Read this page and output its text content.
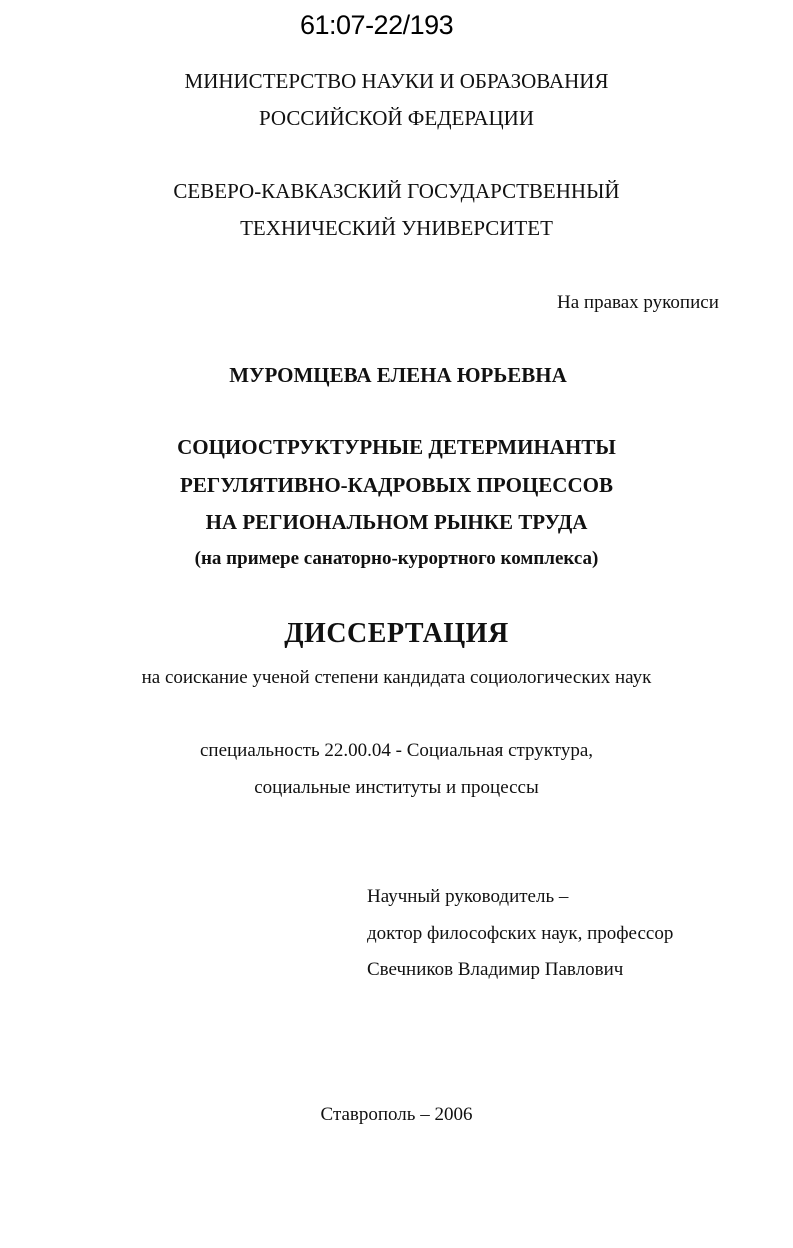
61:07-22/193
МИНИСТЕРСТВО НАУКИ И ОБРАЗОВАНИЯ
РОССИЙСКОЙ ФЕДЕРАЦИИ
СЕВЕРО-КАВКАЗСКИЙ ГОСУДАРСТВЕННЫЙ
ТЕХНИЧЕСКИЙ УНИВЕРСИТЕТ
На правах рукописи
МУРОМЦЕВА ЕЛЕНА ЮРЬЕВНА
СОЦИОСТРУКТУРНЫЕ ДЕТЕРМИНАНТЫ
РЕГУЛЯТИВНО-КАДРОВЫХ ПРОЦЕССОВ
НА РЕГИОНАЛЬНОМ РЫНКЕ ТРУДА
(на примере санаторно-курортного комплекса)
ДИССЕРТАЦИЯ
на соискание ученой степени кандидата социологических наук
специальность 22.00.04 - Социальная структура,
социальные институты и процессы
Научный руководитель –
доктор философских наук, профессор
Свечников Владимир Павлович
Ставрополь – 2006
